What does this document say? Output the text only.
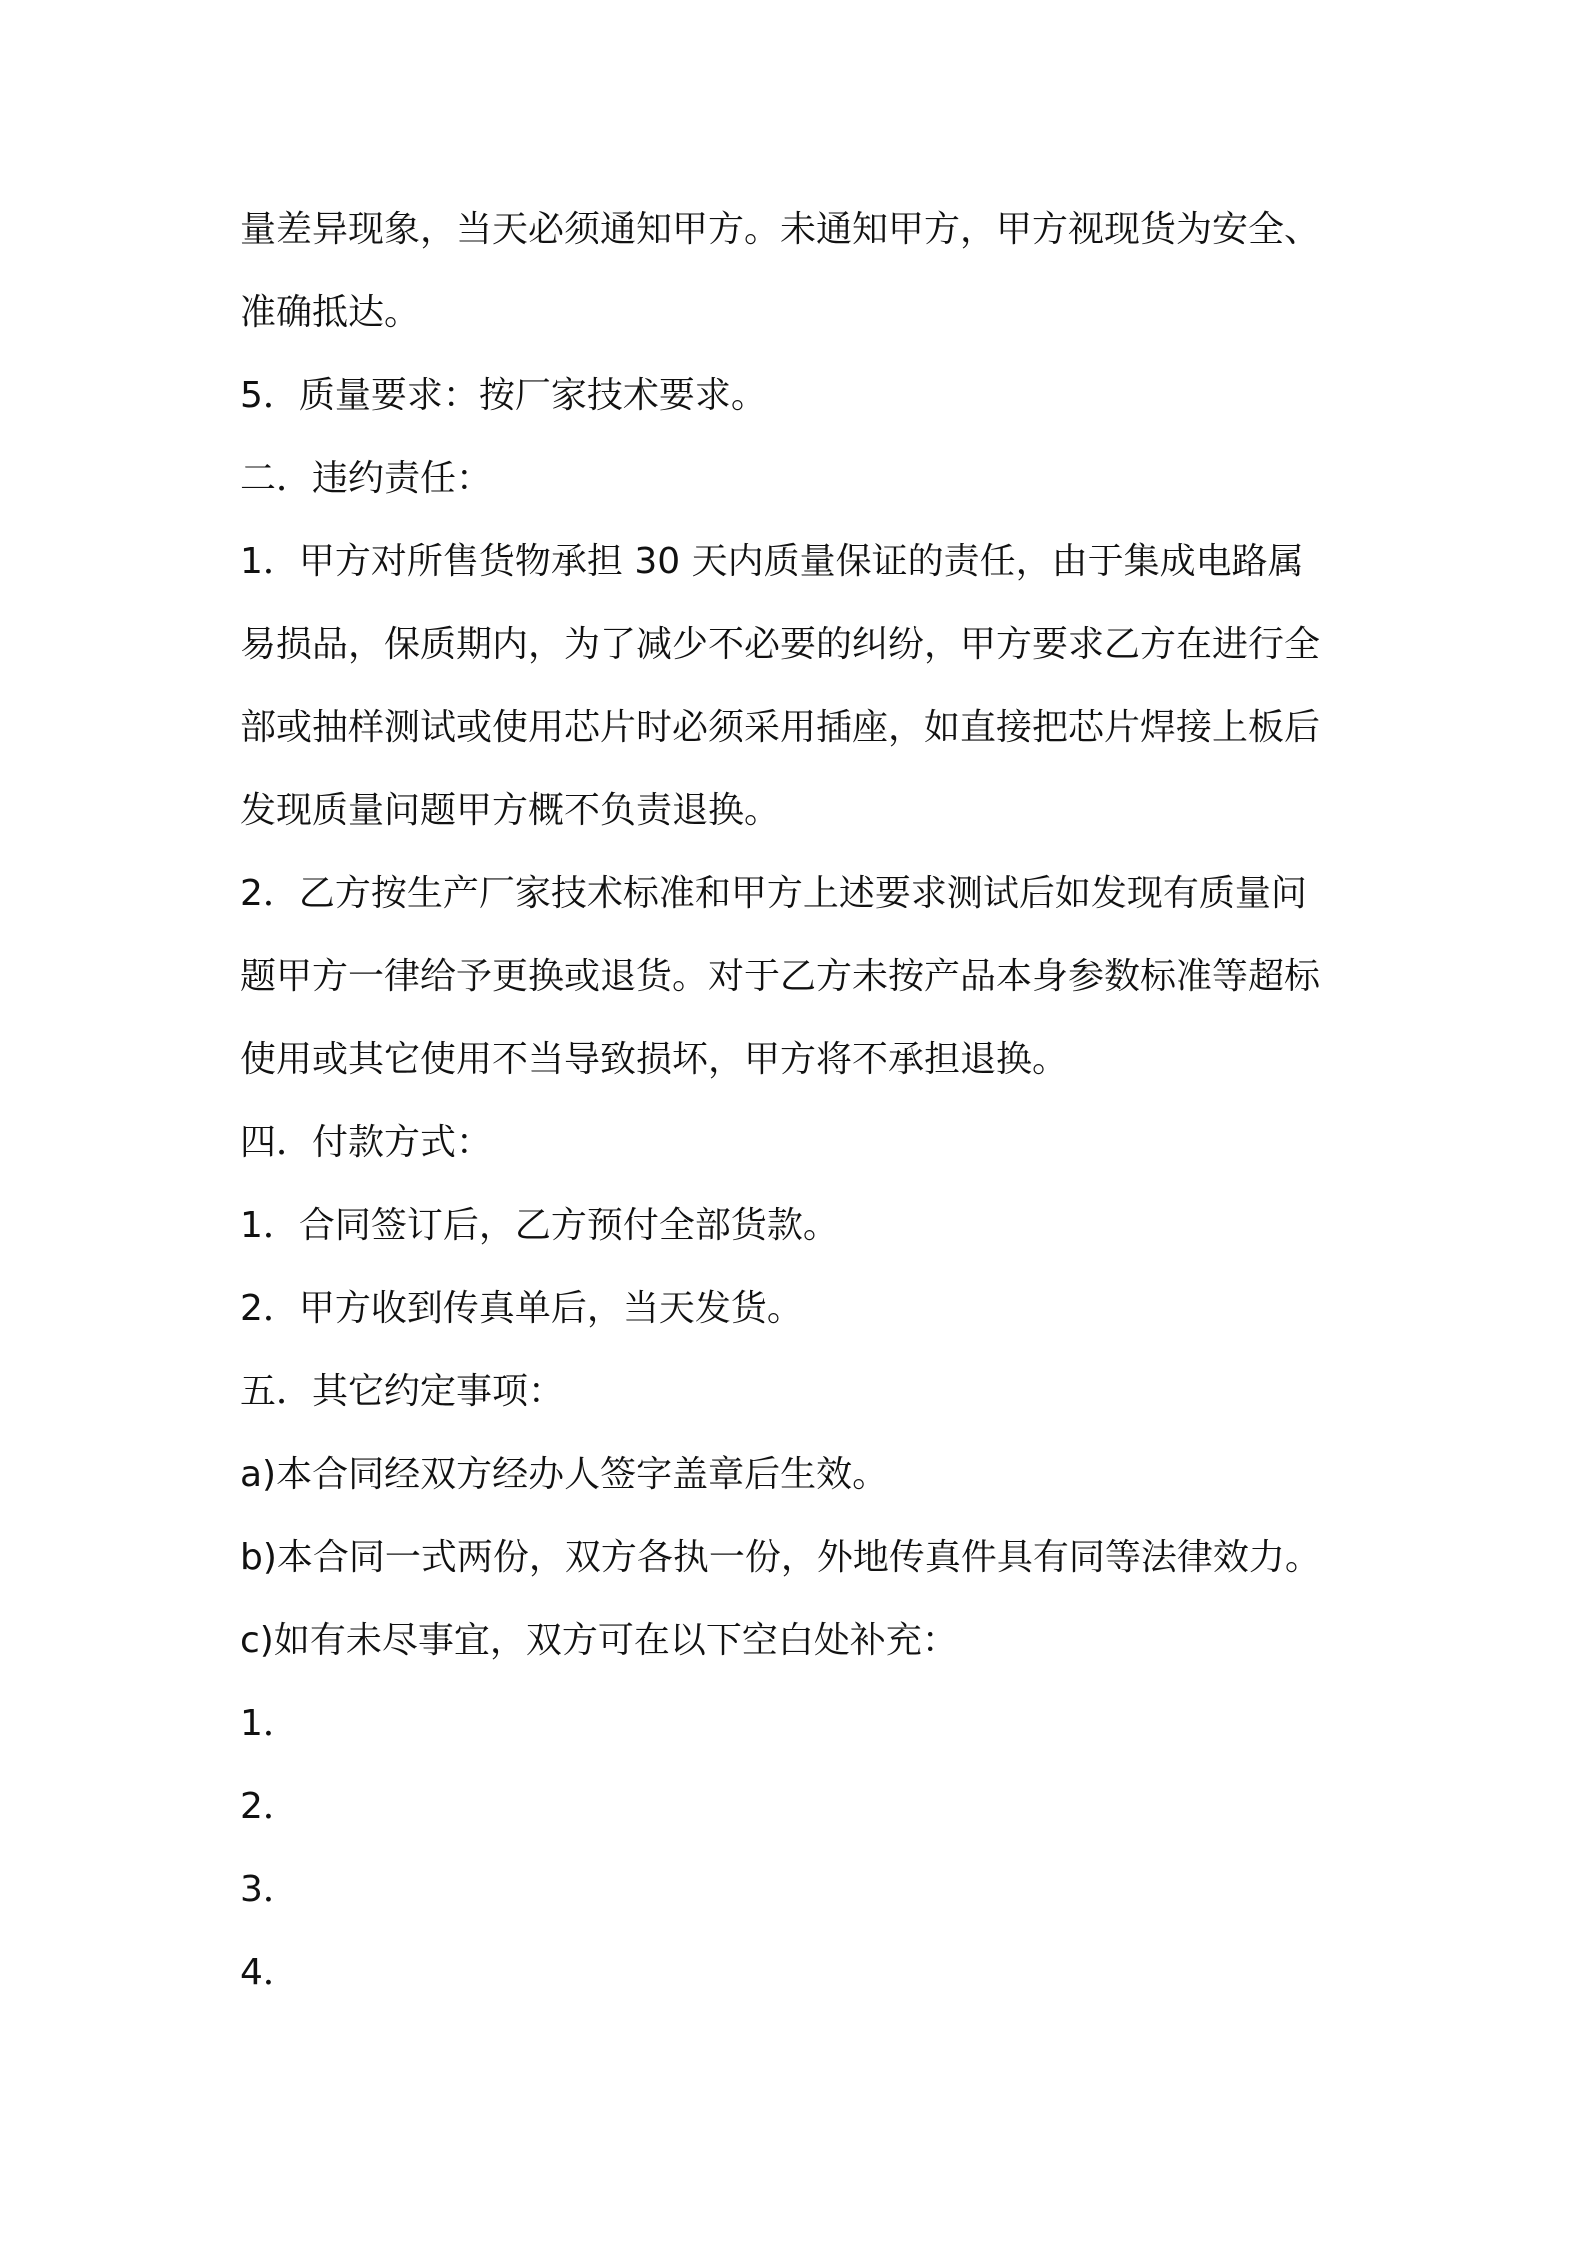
量差异现象，当天必须通知甲方。未通知甲方，甲方视现货为安全、
准确抵达。
5．质量要求：按厂家技术要求。
二．违约责任：
1．甲方对所售货物承担 30 天内质量保证的责任，由于集成电路属
易损品，保质期内，为了减少不必要的纠纷，甲方要求乙方在进行全
部或抽样测试或使用芯片时必须采用插座，如直接把芯片焊接上板后
发现质量问题甲方概不负责退换。
2．乙方按生产厂家技术标准和甲方上述要求测试后如发现有质量问
题甲方一律给予更换或退货。对于乙方未按产品本身参数标准等超标
使用或其它使用不当导致损坏，甲方将不承担退换。
四．付款方式：
1．合同签订后，乙方预付全部货款。
2．甲方收到传真单后，当天发货。
五．其它约定事项：
a)本合同经双方经办人签字盖章后生效。
b)本合同一式两份，双方各执一份，外地传真件具有同等法律效力。
c)如有未尽事宜，双方可在以下空白处补充：
1．
2．
3．
4．
